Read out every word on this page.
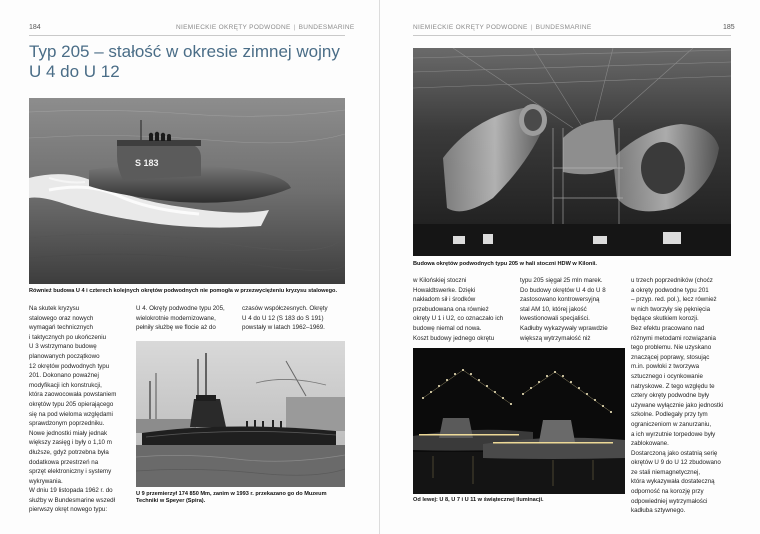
184	NIEMIECKIE OKRĘTY PODWODNE | BUNDESMARINE
Typ 205 – stałość w okresie zimnej wojny
U 4 do U 12
S 183
Również budowa U 4 i czterech kolejnych okrętów podwodnych nie pomogła w przezwyciężeniu kryzysu stalowego.

Na skutek kryzysu

stalowego oraz nowych

wymagań technicznych

i taktycznych po ukończeniu

U 3 wstrzymano budowę

planowanych początkowo

12 okrętów podwodnych typu

201. Dokonano poważnej

modyfikacji ich konstrukcji,

która zaowocowała powstaniem

okrętów typu 205 opierającego

się na pod wieloma względami

sprawdzonym poprzedniku.

Nowe jednostki miały jednak

większy zasięg i były o 1,10 m

dłuższe, gdyż potrzebna była

dodatkowa przestrzeń na

sprzęt elektroniczny i systemy

wykrywania.

W dniu 19 listopada 1962 r. do

służby w Bundesmarine wszedł

pierwszy okręt nowego typu:

U 4. Okręty podwodne typu 205,

wielokrotnie modernizowane,

pełniły służbę we flocie aż do

czasów współczesnych. Okręty

U 4 do U 12 (S 183 do S 191)

powstały w latach 1962–1969.

U 9 przemierzył 174 850 Mm, zanim w 1993 r. przekazano go do Muzeum Techniki w Speyer (Spira).
NIEMIECKIE OKRĘTY PODWODNE | BUNDESMARINE	185
Budowa okrętów podwodnych typu 205 w hali stoczni HDW w Kilonii.

w Kilońskiej stoczni

Howaldtswerke. Dzięki

nakładom sił i środków

przebudowana ona również

okręty U 1 i U2, co oznaczało ich

budowę niemal od nowa.

Koszt budowy jednego okrętu

typu 205 sięgał 25 mln marek.

Do budowy okrętów U 4 do U 8

zastosowano kontrowersyjną

stal AM 10, której jakość

kwestionowali specjaliści.

Kadłuby wykazywały wprawdzie

większą wytrzymałość niż

u trzech poprzedników (choćz

a okręty podwodne typu 201

– przyp. red. pol.), lecz również

w nich tworzyły się pęknięcia

będące skutkiem korozji.

Bez efektu pracowano nad

różnymi metodami rozwiązania

tego problemu. Nie uzyskano

znaczącej poprawy, stosując

m.in. powłoki z tworzywa

sztucznego i ocynkowanie

natryskowe. Z tego względu te

cztery okręty podwodne były

używane wyłącznie jako jednostki

szkolne. Podlegały przy tym

ograniczeniom w zanurzaniu,

a ich wyrzutnie torpedowe były

zablokowane.

Dostarczoną jako ostatnią serię

okrętów U 9 do U 12 zbudowano

ze stali niemagnetycznej,

która wykazywała dostateczną

odporność na korozję przy

odpowiedniej wytrzymałości

kadłuba sztywnego.

Od lewej: U 8, U 7 i U 11 w świątecznej iluminacji.
